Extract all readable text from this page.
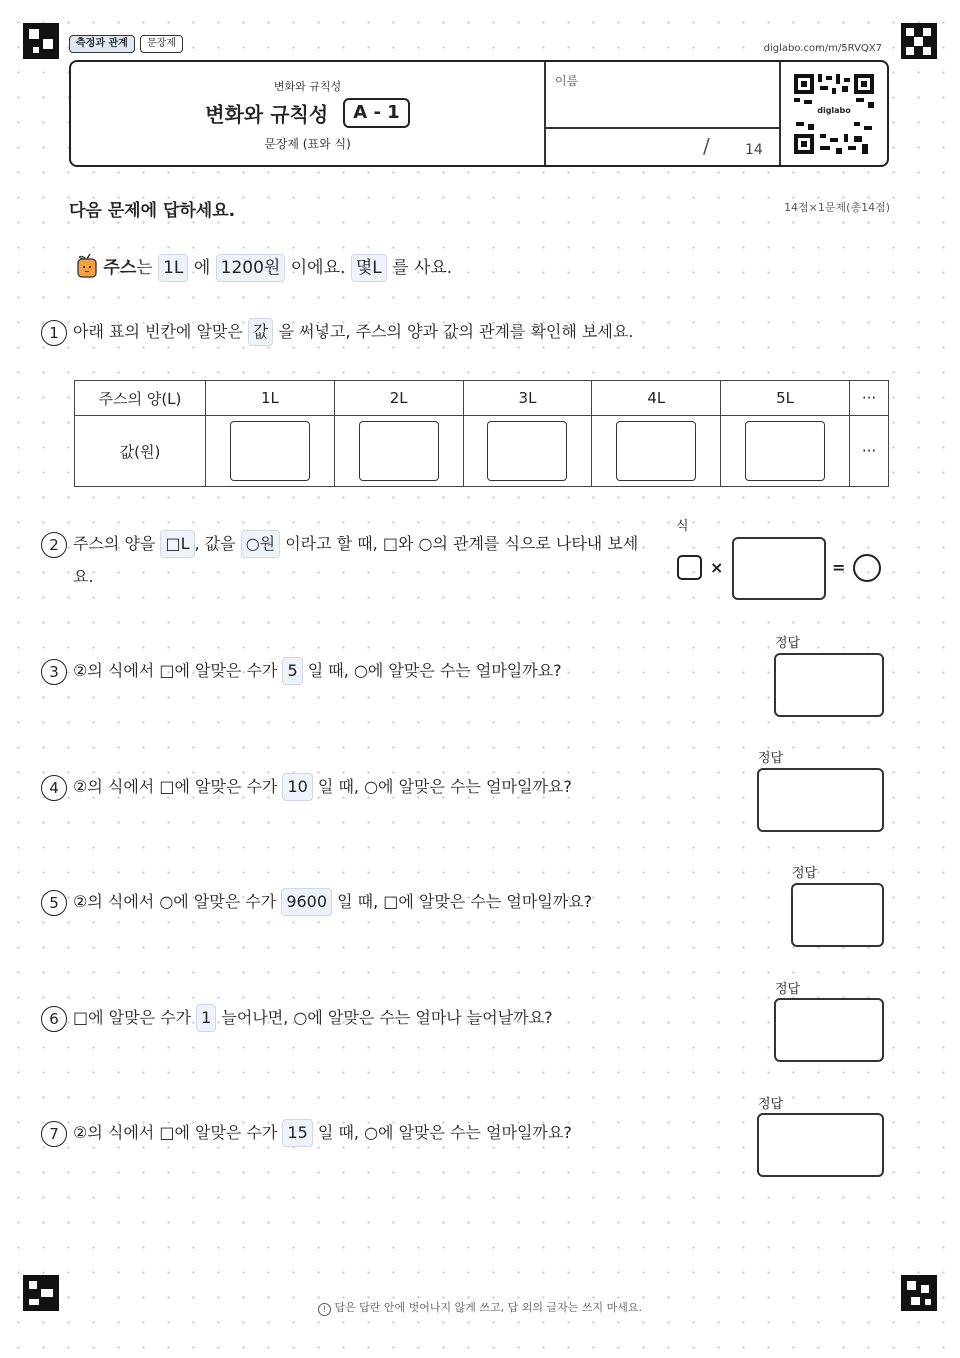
측정과 관계	문장제	diglabo.com/m/5RVQX7
변화와 규칙성
변화와 규칙성 A - 1
문장제 (표와 식)
이름
/	14
diglabo
다음 문제에 답하세요.	14점×1문제(총14점)
주스는 1L 에 1200원 이에요. 몇L 를 사요.
1 아래 표의 빈칸에 알맞은 값 을 써넣고, 주스의 양과 값의 관계를 확인해 보세요.
주스의 양(L)	1L	2L	3L	4L	5L	···
값(원)						···
2 주스의 양을 □L , 값을 ○원 이라고 할 때, □와 ○의 관계를 식으로 나타내 보세
요.
식
×	=
3 ②의 식에서 □에 알맞은 수가 5 일 때, ○에 알맞은 수는 얼마일까요?
정답
4 ②의 식에서 □에 알맞은 수가 10 일 때, ○에 알맞은 수는 얼마일까요?
정답
5 ②의 식에서 ○에 알맞은 수가 9600 일 때, □에 알맞은 수는 얼마일까요?
정답
6 □에 알맞은 수가 1 늘어나면, ○에 알맞은 수는 얼마나 늘어날까요?
정답
7 ②의 식에서 □에 알맞은 수가 15 일 때, ○에 알맞은 수는 얼마일까요?
정답
! 답은 답란 안에 벗어나지 않게 쓰고, 답 외의 글자는 쓰지 마세요.
